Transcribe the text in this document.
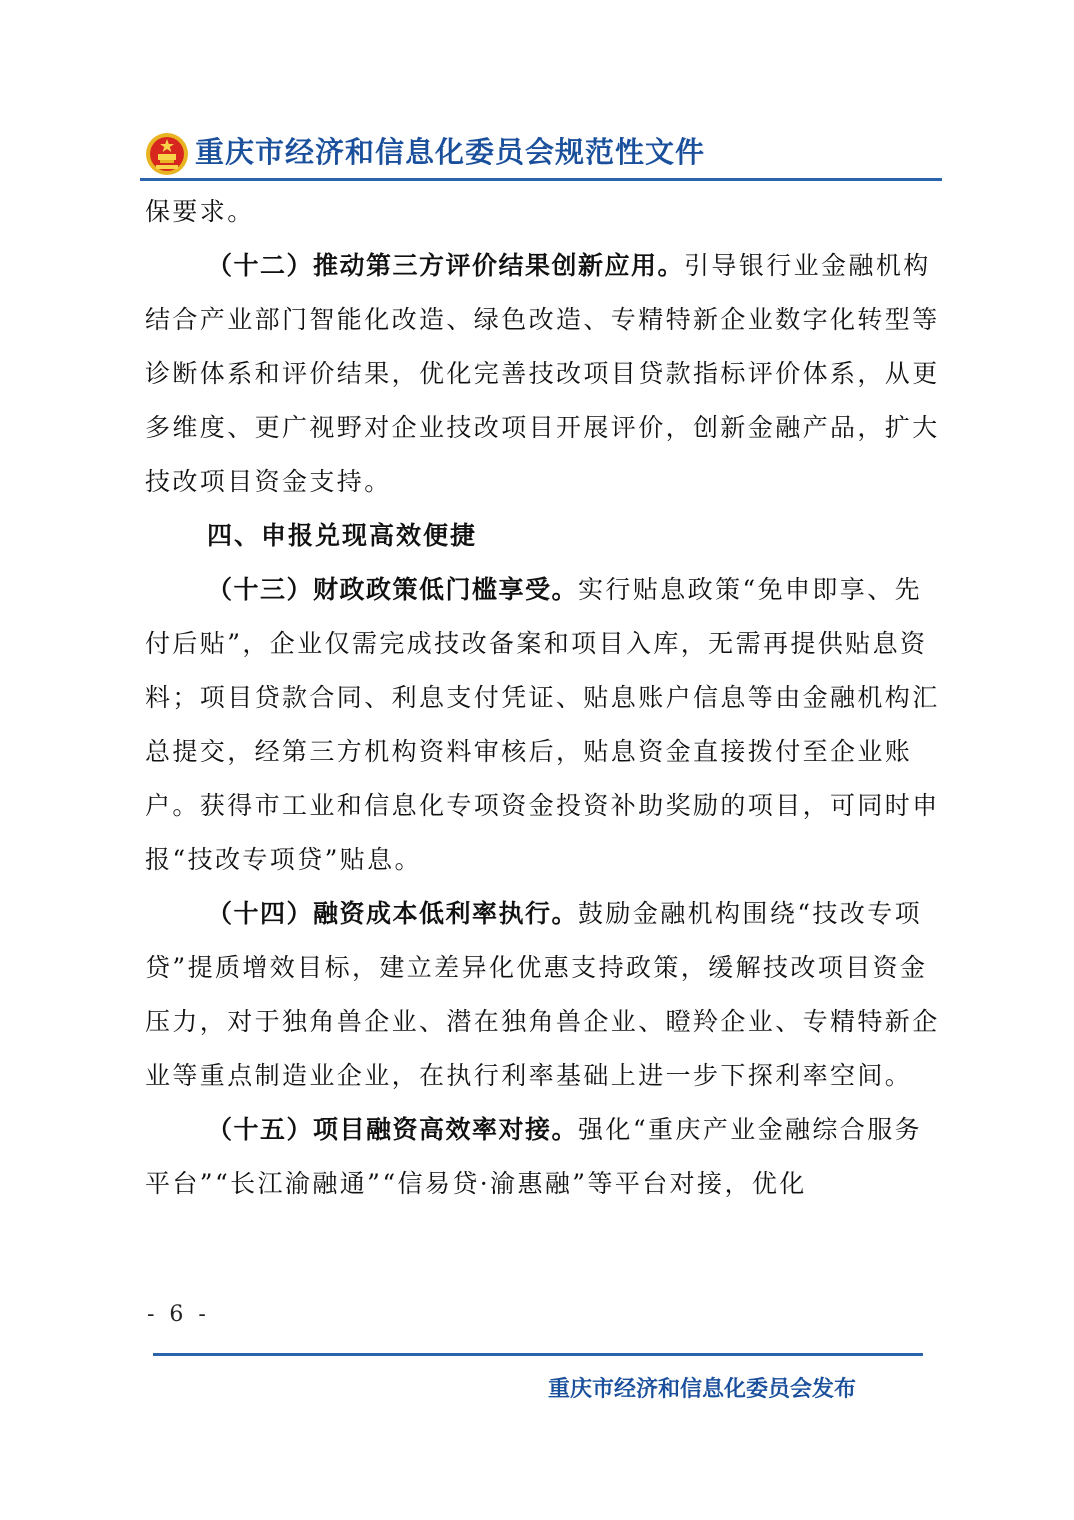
重庆市经济和信息化委员会规范性文件

保要求。

（十二）推动第三方评价结果创新应用。引导银行业金融机构结合产业部门智能化改造、绿色改造、专精特新企业数字化转型等诊断体系和评价结果，优化完善技改项目贷款指标评价体系，从更多维度、更广视野对企业技改项目开展评价，创新金融产品，扩大技改项目资金支持。

四、申报兑现高效便捷

（十三）财政政策低门槛享受。实行贴息政策“免申即享、先付后贴”，企业仅需完成技改备案和项目入库，无需再提供贴息资料；项目贷款合同、利息支付凭证、贴息账户信息等由金融机构汇总提交，经第三方机构资料审核后，贴息资金直接拨付至企业账户。获得市工业和信息化专项资金投资补助奖励的项目，可同时申报“技改专项贷”贴息。

（十四）融资成本低利率执行。鼓励金融机构围绕“技改专项贷”提质增效目标，建立差异化优惠支持政策，缓解技改项目资金压力，对于独角兽企业、潜在独角兽企业、瞪羚企业、专精特新企业等重点制造业企业，在执行利率基础上进一步下探利率空间。

（十五）项目融资高效率对接。强化“重庆产业金融综合服务平台”“长江渝融通”“信易贷·渝惠融”等平台对接，优化

- 6 -
重庆市经济和信息化委员会发布
